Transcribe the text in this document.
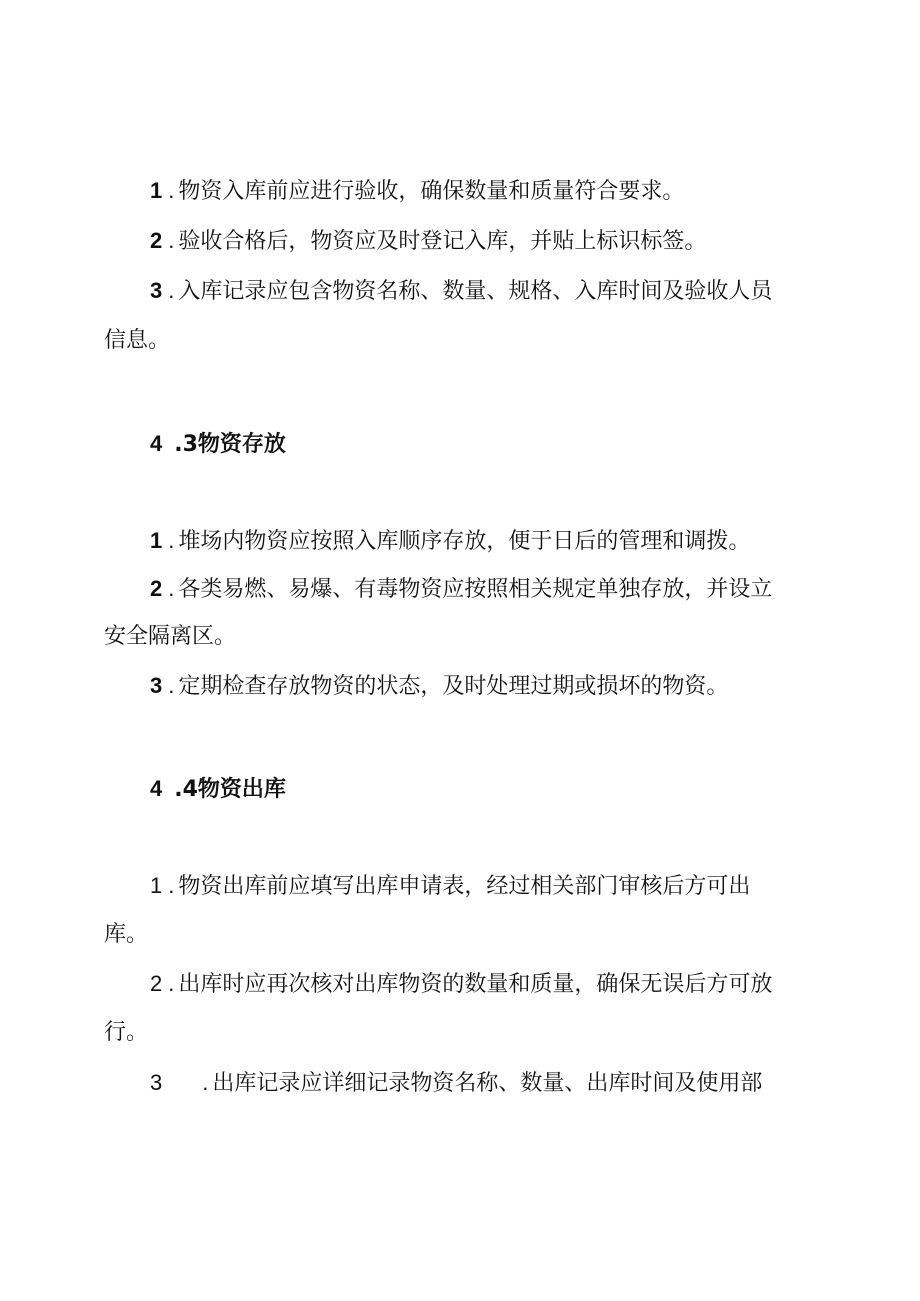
1 . 物资入库前应进行验收，确保数量和质量符合要求。
2 . 验收合格后，物资应及时登记入库，并贴上标识标签。
3 . 入库记录应包含物资名称、数量、规格、入库时间及验收人员
信息。
4 .3物资存放
1 . 堆场内物资应按照入库顺序存放，便于日后的管理和调拨。
2 . 各类易燃、易爆、有毒物资应按照相关规定单独存放，并设立
安全隔离区。
3 . 定期检查存放物资的状态，及时处理过期或损坏的物资。
4 .4物资出库
1 . 物资出库前应填写出库申请表，经过相关部门审核后方可出
库。
2 . 出库时应再次核对出库物资的数量和质量，确保无误后方可放
行。
3 . 出库记录应详细记录物资名称、数量、出库时间及使用部
